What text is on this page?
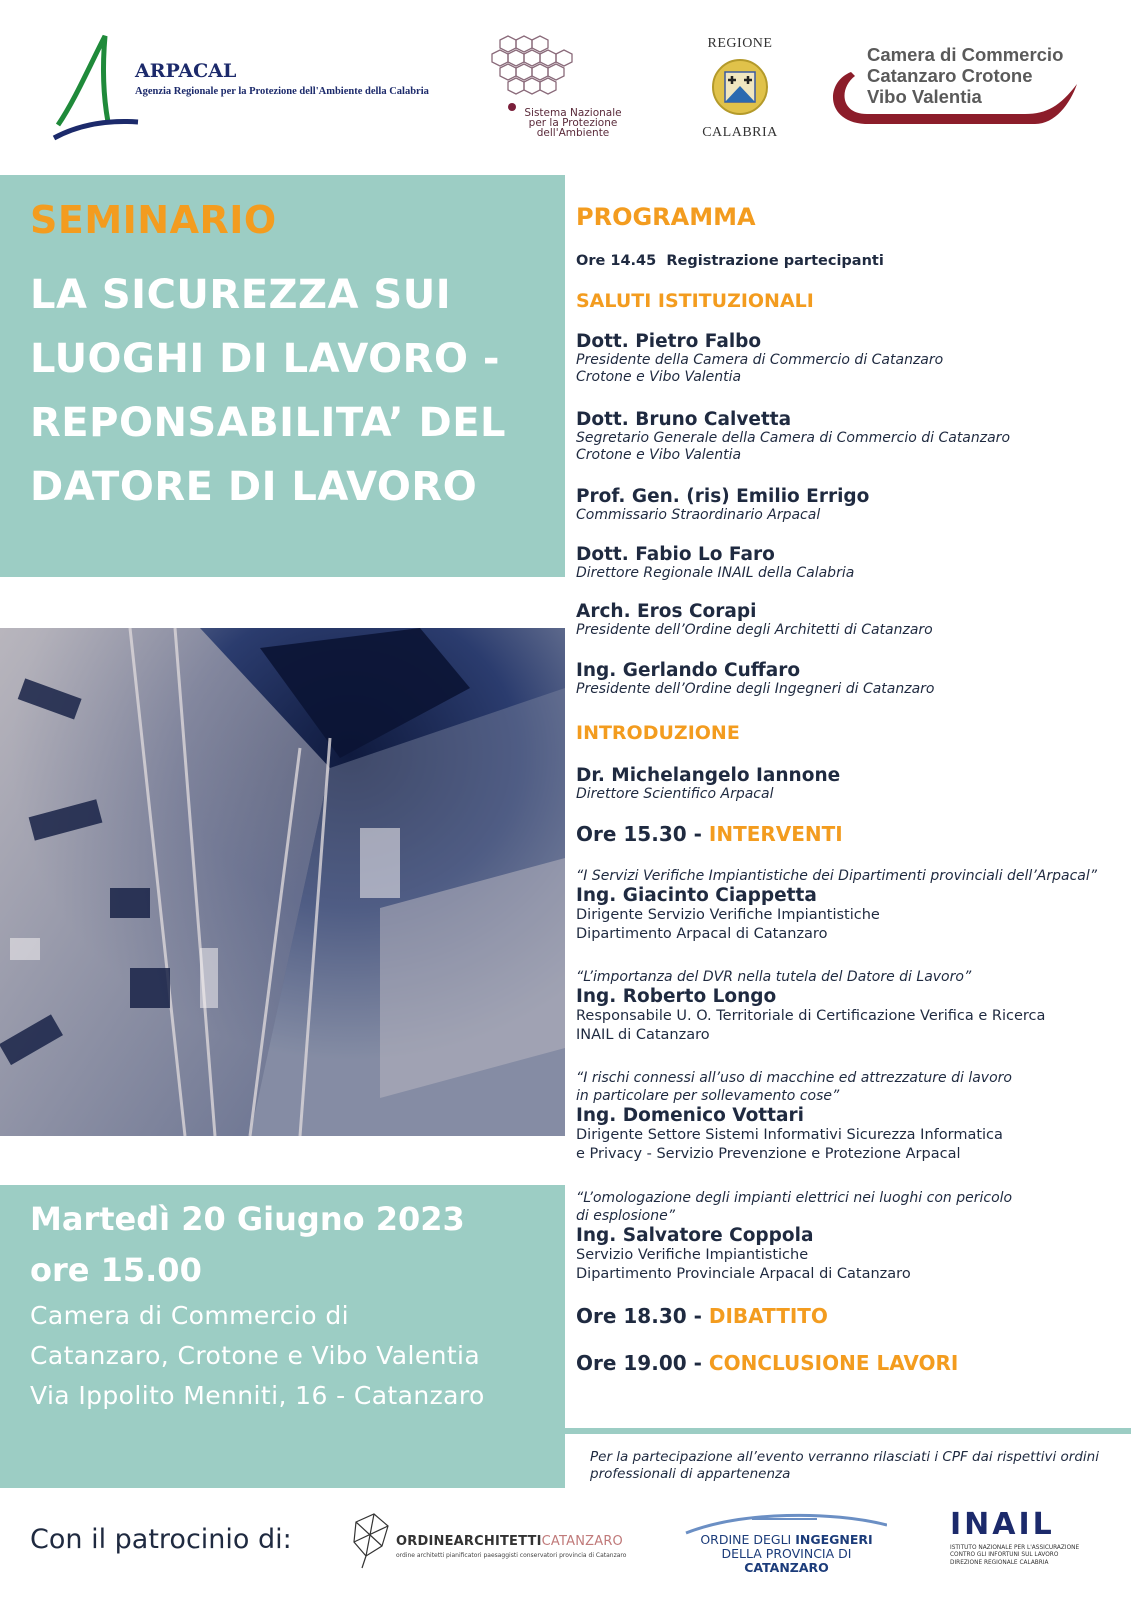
ARPACAL
Agenzia Regionale per la Protezione dell'Ambiente della Calabria
Sistema Nazionale
per la Protezione
dell'Ambiente
REGIONE
CALABRIA
Camera di Commercio
Catanzaro Crotone
Vibo Valentia
SEMINARIO
LA SICUREZZA SUI
LUOGHI DI LAVORO -
REPONSABILITA’ DEL
DATORE DI LAVORO
Martedì 20 Giugno 2023
ore 15.00
Camera di Commercio di
Catanzaro, Crotone e Vibo Valentia
Via Ippolito Menniti, 16 - Catanzaro
PROGRAMMA
Ore 14.45 Registrazione partecipanti
SALUTI ISTITUZIONALI
Dott. Pietro Falbo
Presidente della Camera di Commercio di Catanzaro
Crotone e Vibo Valentia
Dott. Bruno Calvetta
Segretario Generale della Camera di Commercio di Catanzaro
Crotone e Vibo Valentia
Prof. Gen. (ris) Emilio Errigo
Commissario Straordinario Arpacal
Dott. Fabio Lo Faro
Direttore Regionale INAIL della Calabria
Arch. Eros Corapi
Presidente dell’Ordine degli Architetti di Catanzaro
Ing. Gerlando Cuffaro
Presidente dell’Ordine degli Ingegneri di Catanzaro
INTRODUZIONE
Dr. Michelangelo Iannone
Direttore Scientifico Arpacal
Ore 15.30 - INTERVENTI
“I Servizi Verifiche Impiantistiche dei Dipartimenti provinciali dell’Arpacal”
Ing. Giacinto Ciappetta
Dirigente Servizio Verifiche Impiantistiche
Dipartimento Arpacal di Catanzaro
“L’importanza del DVR nella tutela del Datore di Lavoro”
Ing. Roberto Longo
Responsabile U. O. Territoriale di Certificazione Verifica e Ricerca
INAIL di Catanzaro
“I rischi connessi all’uso di macchine ed attrezzature di lavoro
in particolare per sollevamento cose”
Ing. Domenico Vottari
Dirigente Settore Sistemi Informativi Sicurezza Informatica
e Privacy - Servizio Prevenzione e Protezione Arpacal
“L’omologazione degli impianti elettrici nei luoghi con pericolo
di esplosione”
Ing. Salvatore Coppola
Servizio Verifiche Impiantistiche
Dipartimento Provinciale Arpacal di Catanzaro
Ore 18.30 - DIBATTITO
Ore 19.00 - CONCLUSIONE LAVORI
Per la partecipazione all’evento verranno rilasciati i CPF dai rispettivi ordini professionali di appartenenza
Con il patrocinio di:	ORDINEARCHITETTICATANZARO
ordine architetti pianificatori paesaggisti conservatori provincia di Catanzaro
ORDINE DEGLI INGEGNERI
DELLA PROVINCIA DI CATANZARO
INAIL
ISTITUTO NAZIONALE PER L'ASSICURAZIONE CONTRO GLI INFORTUNI SUL LAVORO
DIREZIONE REGIONALE CALABRIA
